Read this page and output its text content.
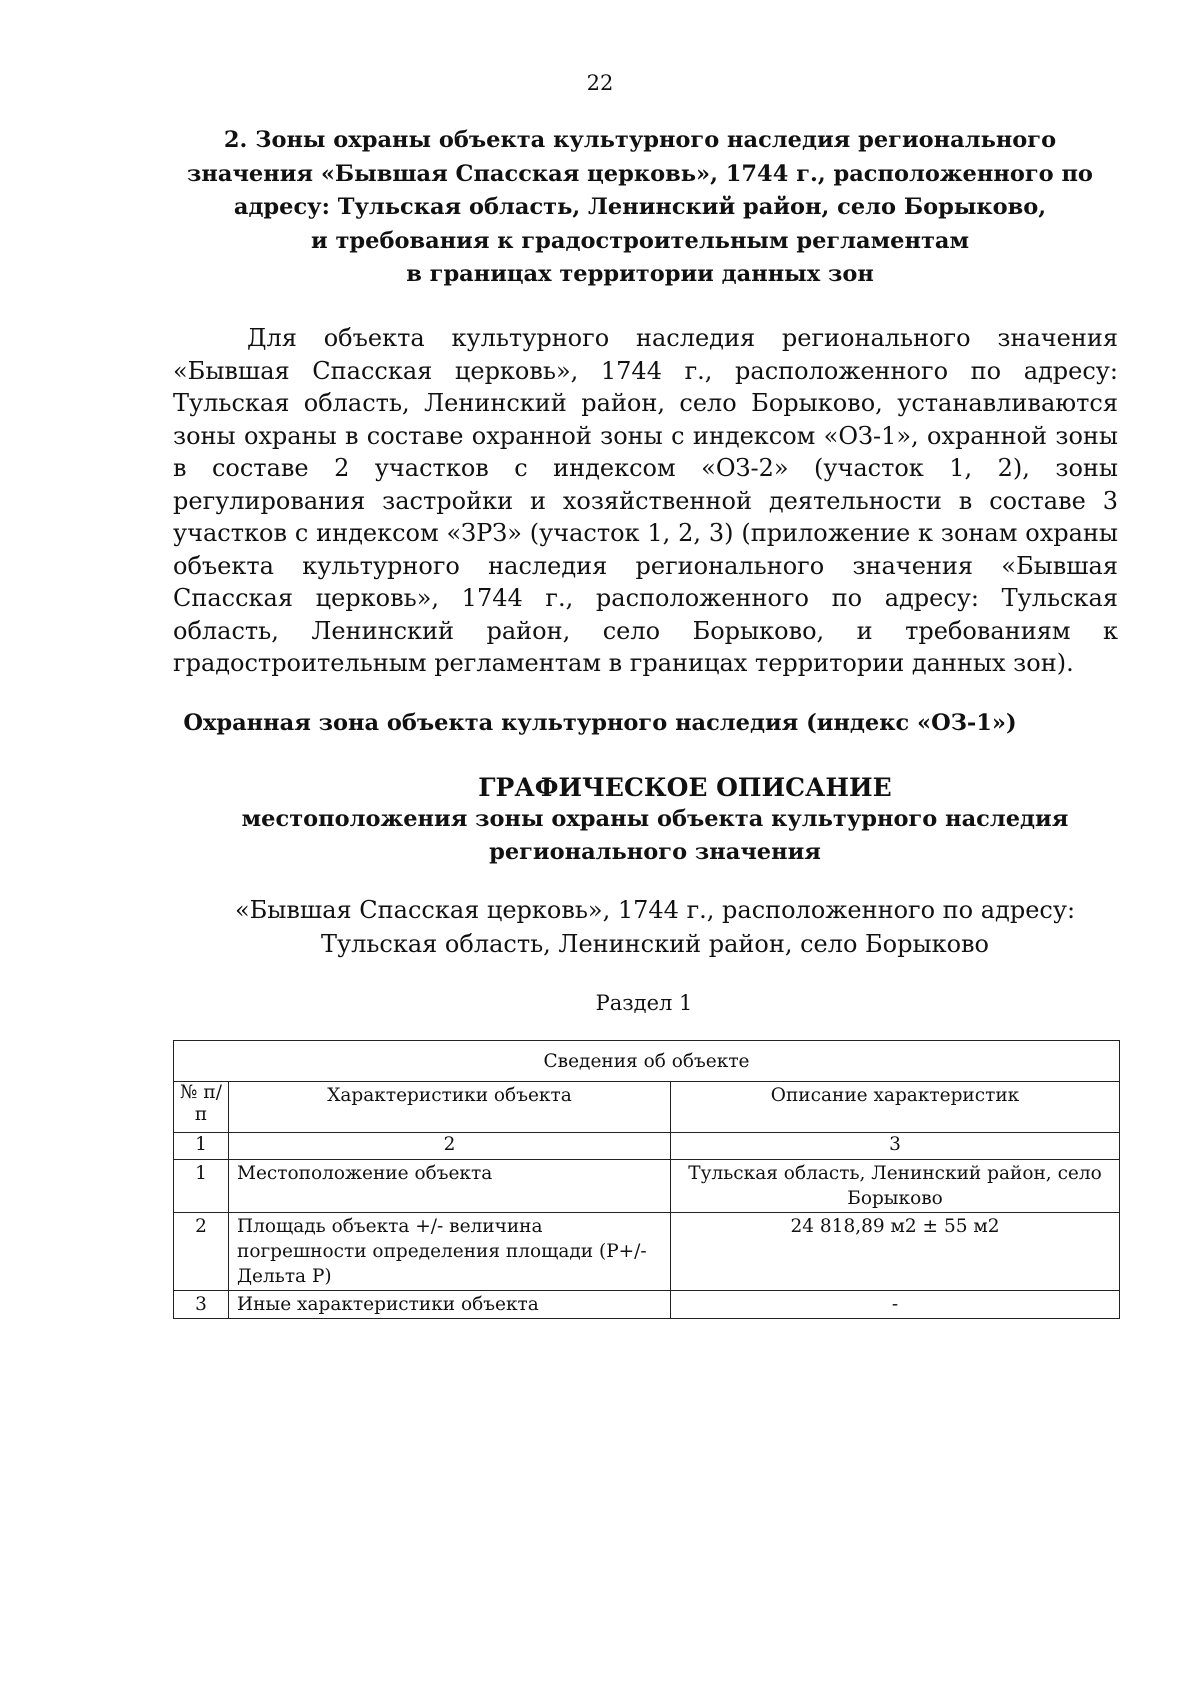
22
2. Зоны охраны объекта культурного наследия регионального
значения «Бывшая Спасская церковь», 1744 г., расположенного по
адресу: Тульская область, Ленинский район, село Борыково,
и требования к градостроительным регламентам
в границах территории данных зон

Для объекта культурного наследия регионального значения «Бывшая Спасская церковь», 1744 г., расположенного по адресу: Тульская область, Ленинский район, село Борыково, устанавливаются зоны охраны в составе охранной зоны с индексом «ОЗ-1», охранной зоны в составе 2 участков с индексом «ОЗ-2» (участок 1, 2), зоны регулирования застройки и хозяйственной деятельности в составе 3 участков с индексом «ЗРЗ» (участок 1, 2, 3) (приложение к зонам охраны объекта культурного наследия регионального значения «Бывшая Спасская церковь», 1744 г., расположенного по адресу: Тульская область, Ленинский район, село Борыково, и требованиям к градостроительным регламентам в границах территории данных зон).

Охранная зона объекта культурного наследия (индекс «ОЗ-1»)
ГРАФИЧЕСКОЕ ОПИСАНИЕ
местоположения зоны охраны объекта культурного наследия
регионального значения

«Бывшая Спасская церковь», 1744 г., расположенного по адресу:
Тульская область, Ленинский район, село Борыково

Раздел 1
Сведения об объекте		
№ п/п	Характеристики объекта	Описание характеристик
1	2	3
1	Местоположение объекта	Тульская область, Ленинский район, село Борыково
2	Площадь объекта +/- величина погрешности определения площади (Р+/- Дельта Р)	24 818,89 м2 ± 55 м2
3	Иные характеристики объекта	-
